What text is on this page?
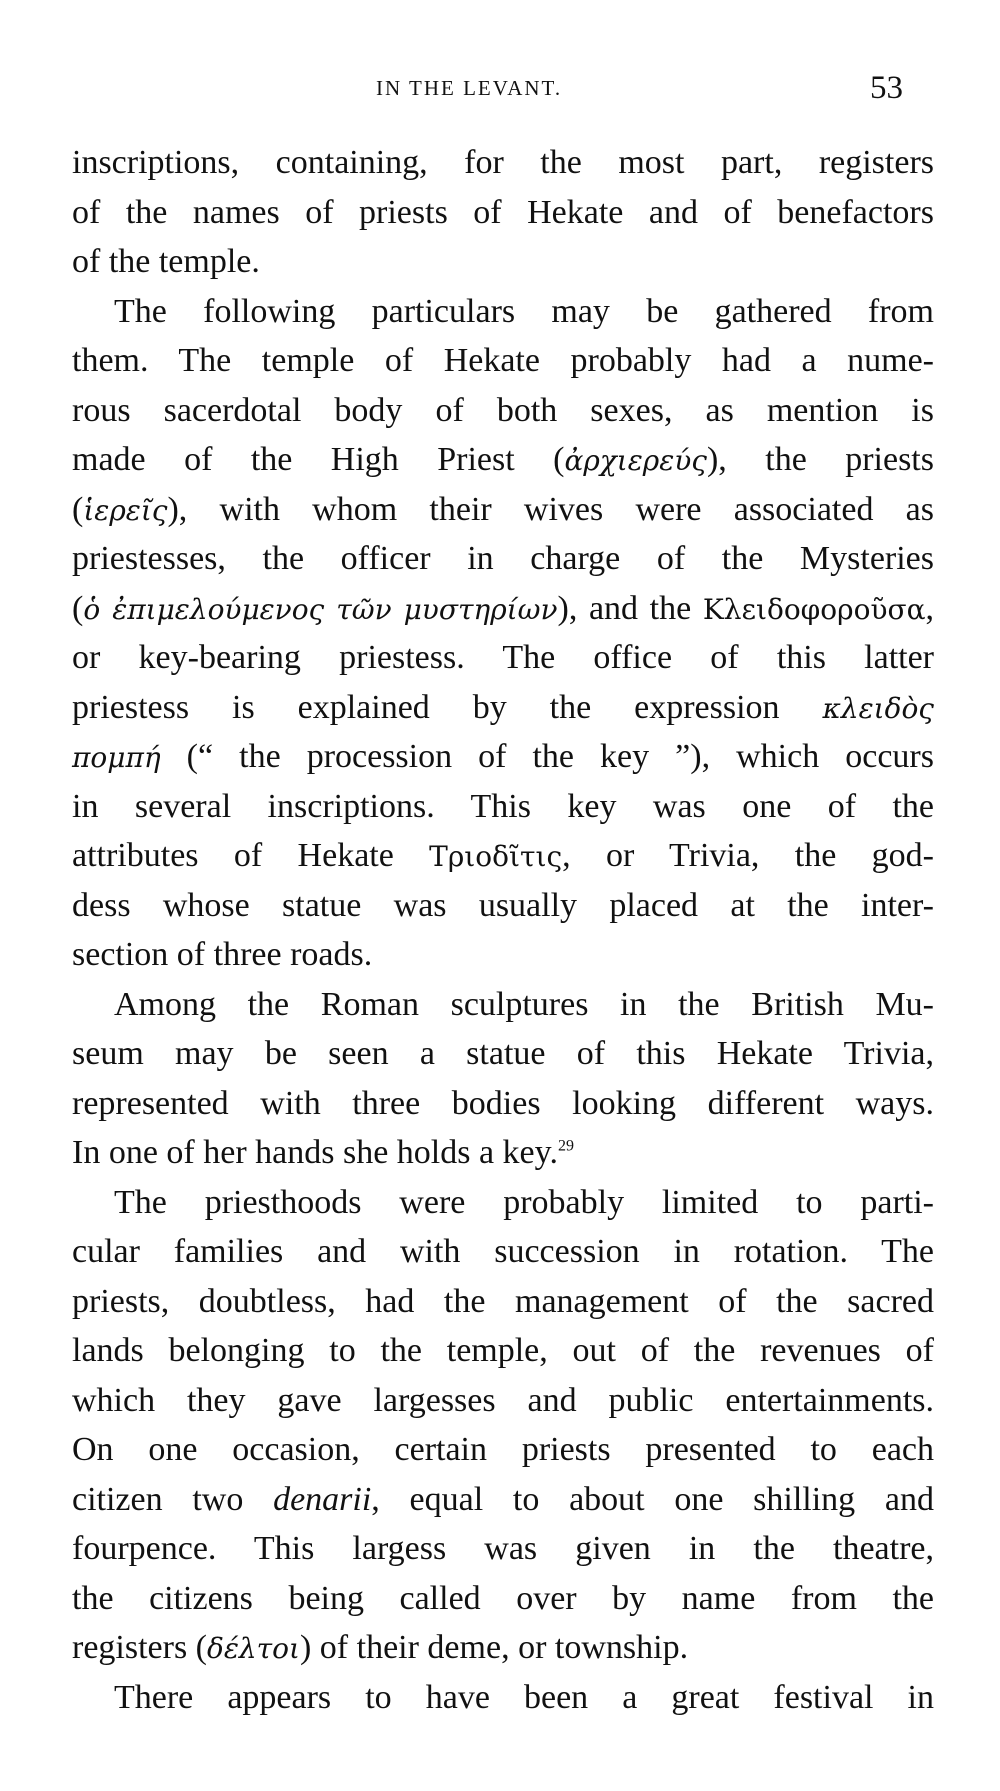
IN THE LEVANT.	53
inscriptions, containing, for the most part, registers
of the names of priests of Hekate and of benefactors
of the temple.
The following particulars may be gathered from
them. The temple of Hekate probably had a nume-
rous sacerdotal body of both sexes, as mention is
made of the High Priest (ἀρχιερεύς), the priests
(ἱερεῖς), with whom their wives were associated as
priestesses, the officer in charge of the Mysteries
(ὁ ἐπιμελούμενος τῶν μυστηρίων), and the Κλειδοφοροῦσα,
or key-bearing priestess. The office of this latter
priestess is explained by the expression κλειδὸς
πομπή (“ the procession of the key ”), which occurs
in several inscriptions. This key was one of the
attributes of Hekate Τριοδῖτις, or Trivia, the god-
dess whose statue was usually placed at the inter-
section of three roads.
Among the Roman sculptures in the British Mu-
seum may be seen a statue of this Hekate Trivia,
represented with three bodies looking different ways.
In one of her hands she holds a key.$^{29}$
The priesthoods were probably limited to parti-
cular families and with succession in rotation. The
priests, doubtless, had the management of the sacred
lands belonging to the temple, out of the revenues of
which they gave largesses and public entertainments.
On one occasion, certain priests presented to each
citizen two denarii, equal to about one shilling and
fourpence. This largess was given in the theatre,
the citizens being called over by name from the
registers (δέλτοι) of their deme, or township.
There appears to have been a great festival in
